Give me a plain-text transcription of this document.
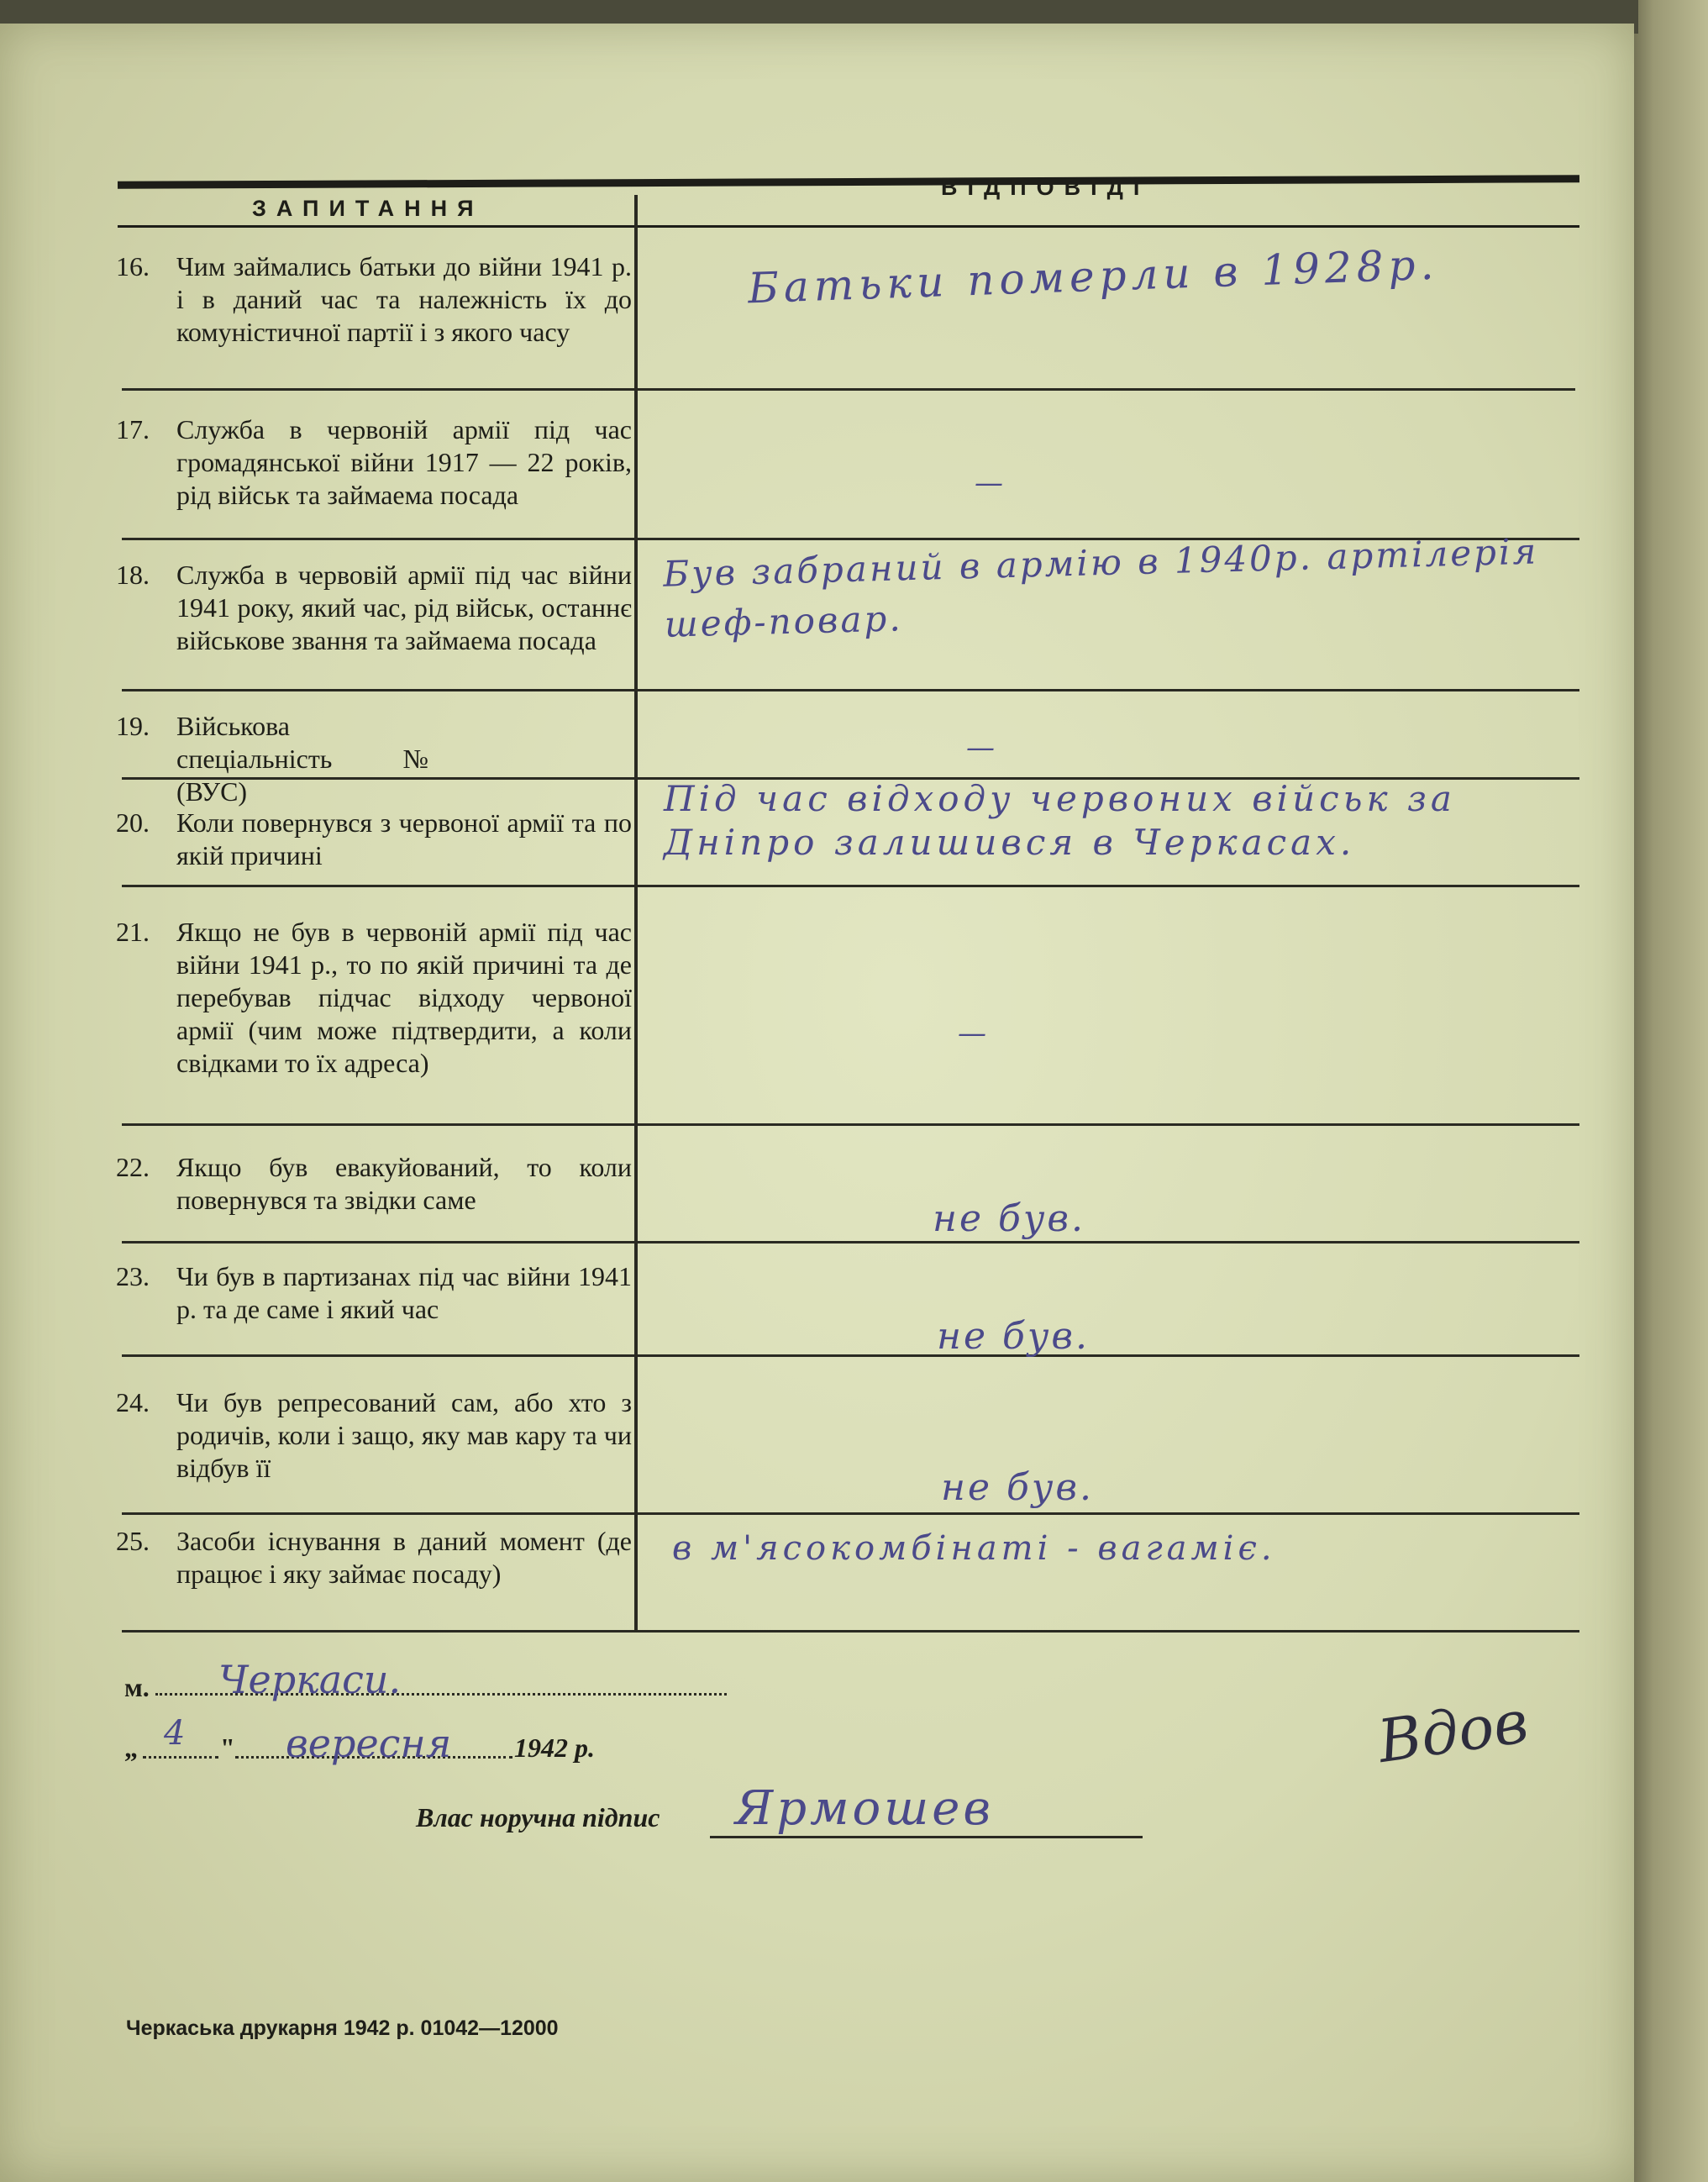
ЗАПИТАННЯ
ВІДПОВІДІ
16. Чим займались батьки до війни 1941 р. і в даний час та належність їх до комуністичної партії і з якого часу
Батьки померли в 1928р.
17. Служба в червоній армії під час громадянської війни 1917 — 22 років, рід військ та займаема посада	—
18. Служба в червовій армії під час війни 1941 року, який час, рід військ, останнє військове звання та займаема посада
Був забраний в армію в 1940р. артілерія шеф-повар.
19. Військова спеціальність № (ВУС)
—
20. Коли повернувся з червоної армії та по якій причині
Під час відходу червоних військ за Дніпро залишився в Черкасах.
21. Якщо не був в червоній армії під час війни 1941 р., то по якій причині та де перебував підчас відходу червоної армії (чим може підтвердити, а коли свідками то їх адреса)
—
22. Якщо був евакуйований, то коли повернувся та звідки саме	не був.
23. Чи був в партизанах під час війни 1941 р. та де саме і який час
не був.
24. Чи був репресований сам, або хто з родичів, коли і защо, яку мав кару та чи відбув її	не був.
25. Засоби існування в даний момент (де працює і яку займає посаду)
в м'ясокомбінаті - вагаміє.
м. Черкаси.
„ 4 " вересня 1942 р.
Влас норучна підпис Ярмошев
Вдов
Черкаська друкарня 1942 р. 01042—12000
